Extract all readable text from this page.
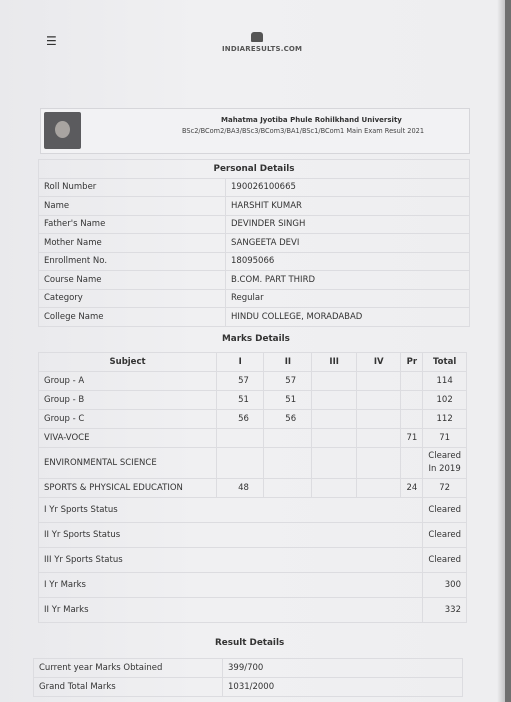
☰
INDIARESULTS.COM
Mahatma Jyotiba Phule Rohilkhand University
BSc2/BCom2/BA3/BSc3/BCom3/BA1/BSc1/BCom1 Main Exam Result 2021
Personal Details	
Roll Number	190026100665
Name	HARSHIT KUMAR
Father's Name	DEVINDER SINGH
Mother Name	SANGEETA DEVI
Enrollment No.	18095066
Course Name	B.COM. PART THIRD
Category	Regular
College Name	HINDU COLLEGE, MORADABAD
Marks Details
Subject	I	II	III	IV	Pr	Total
Group - A	57	57				114
Group - B	51	51				102
Group - C	56	56				112
VIVA-VOCE					71	71
ENVIRONMENTAL SCIENCE						Cleared In 2019
SPORTS & PHYSICAL EDUCATION	48				24	72
I Yr Sports Status						Cleared
II Yr Sports Status						Cleared
III Yr Sports Status						Cleared
I Yr Marks						300
II Yr Marks						332
Result Details
Current year Marks Obtained	399/700
Grand Total Marks	1031/2000
